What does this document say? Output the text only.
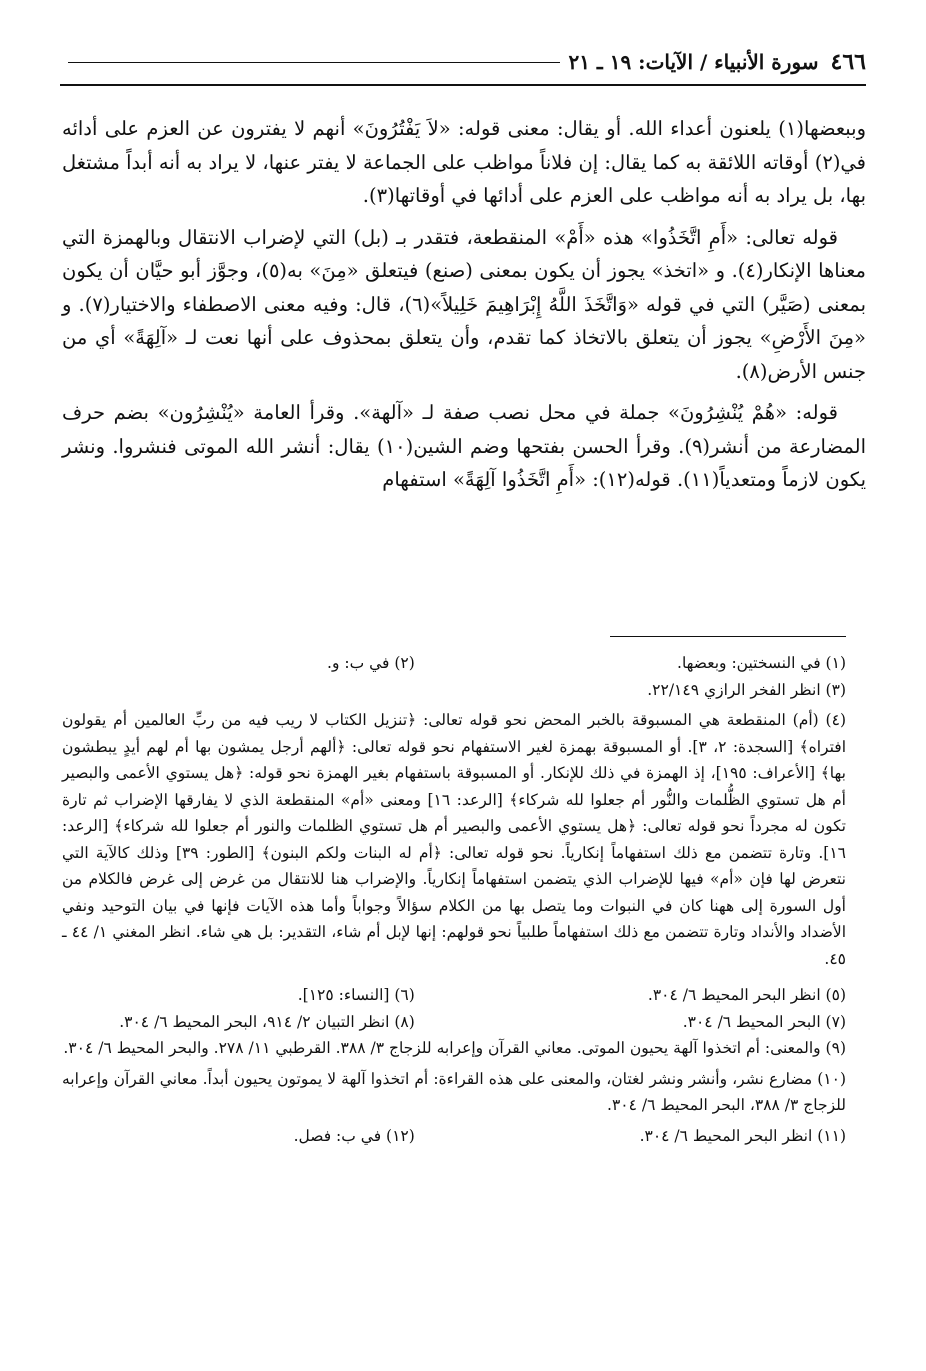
٤٦٦
سورة الأنبياء / الآيات: ١٩ ـ ٢١

وببعضها(١) يلعنون أعداء الله. أو يقال: معنى قوله: «لاَ يَفْتُرُونَ» أنهم لا يفترون عن العزم على أدائه في(٢) أوقاته اللائقة به كما يقال: إن فلاناً مواظب على الجماعة لا يفتر عنها، لا يراد به أنه أبداً مشتغل بها، بل يراد به أنه مواظب على العزم على أدائها في أوقاتها(٣).

قوله تعالى: «أَمِ اتَّخَذُوا» هذه «أَمْ» المنقطعة، فتقدر بـ (بل) التي لإضراب الانتقال وبالهمزة التي معناها الإنكار(٤). و «اتخذ» يجوز أن يكون بمعنى (صنع) فيتعلق «مِنَ» به(٥)، وجوَّز أبو حيَّان أن يكون بمعنى (صَيَّر) التي في قوله «وَاتَّخَذَ اللَّهُ إِبْرَاهِيمَ خَلِيلاً»(٦)، قال: وفيه معنى الاصطفاء والاختيار(٧). و «مِنَ الأَرْضِ» يجوز أن يتعلق بالاتخاذ كما تقدم، وأن يتعلق بمحذوف على أنها نعت لـ «آلِهَةً» أي من جنس الأرض(٨).

قوله: «هُمْ يُنْشِرُونَ» جملة في محل نصب صفة لـ «آلهة». وقرأ العامة «يُنْشِرُون» بضم حرف المضارعة من أنشر(٩). وقرأ الحسن بفتحها وضم الشين(١٠) يقال: أنشر الله الموتى فنشروا. ونشر يكون لازماً ومتعدياً(١١). قوله(١٢): «أَمِ اتَّخَذُوا آلِهَةً» استفهام

(١) في النسختين: وبعضها.
(٢) في ب: و.
(٣) انظر الفخر الرازي ٢٢/١٤٩.
(٤) (أم) المنقطعة هي المسبوقة بالخبر المحض نحو قوله تعالى: ﴿تنزيل الكتاب لا ريب فيه من ربِّ العالمين أم يقولون افتراه﴾ [السجدة: ٢، ٣]. أو المسبوقة بهمزة لغير الاستفهام نحو قوله تعالى: ﴿ألهم أرجل يمشون بها أم لهم أيدٍ يبطشون بها﴾ [الأعراف: ١٩٥]، إذ الهمزة في ذلك للإنكار. أو المسبوقة باستفهام بغير الهمزة نحو قوله: ﴿هل يستوي الأعمى والبصير أم هل تستوي الظُّلمات والنُّور أم جعلوا لله شركاء﴾ [الرعد: ١٦] ومعنى «أم» المنقطعة الذي لا يفارقها الإضراب ثم تارة تكون له مجرداً نحو قوله تعالى: ﴿هل يستوي الأعمى والبصير أم هل تستوي الظلمات والنور أم جعلوا لله شركاء﴾ [الرعد: ١٦]. وتارة تتضمن مع ذلك استفهاماً إنكارياً. نحو قوله تعالى: ﴿أم له البنات ولكم البنون﴾ [الطور: ٣٩] وذلك كالآية التي نتعرض لها فإن «أم» فيها للإضراب الذي يتضمن استفهاماً إنكارياً. والإضراب هنا للانتقال من غرض إلى غرض فالكلام من أول السورة إلى ههنا كان في النبوات وما يتصل بها من الكلام سؤالاً وجواباً وأما هذه الآيات فإنها في بيان التوحيد ونفي الأضداد والأنداد وتارة تتضمن مع ذلك استفهاماً طلبياً نحو قولهم: إنها لإبل أم شاء، التقدير: بل هي شاء. انظر المغني ١/ ٤٤ ـ ٤٥.
(٥) انظر البحر المحيط ٦/ ٣٠٤.
(٦) [النساء: ١٢٥].
(٧) البحر المحيط ٦/ ٣٠٤.
(٨) انظر التبيان ٢/ ٩١٤، البحر المحيط ٦/ ٣٠٤.
(٩) والمعنى: أم اتخذوا آلهة يحيون الموتى. معاني القرآن وإعرابه للزجاج ٣/ ٣٨٨. القرطبي ١١/ ٢٧٨. والبحر المحيط ٦/ ٣٠٤.
(١٠) مضارع نشر، وأنشر ونشر لغتان، والمعنى على هذه القراءة: أم اتخذوا آلهة لا يموتون يحيون أبداً. معاني القرآن وإعرابه للزجاج ٣/ ٣٨٨، البحر المحيط ٦/ ٣٠٤.
(١١) انظر البحر المحيط ٦/ ٣٠٤.
(١٢) في ب: فصل.
